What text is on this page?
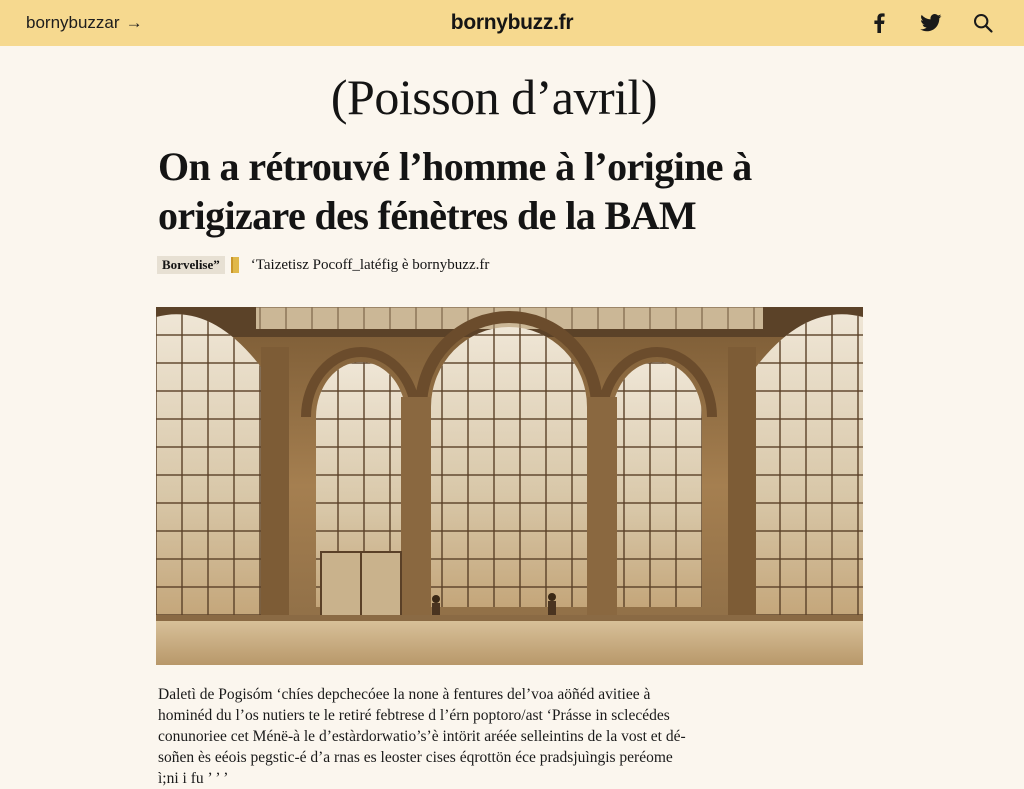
bornybuzzar →	bornybuzz.fr
(Poisson d’avril)
On a rétrouvé l’homme à l’origine à
origizare des fénètres de la BAM
Borvelise”	‘Taizetisz Pocoff_latéfig è bornybuzz.fr

Daletì de Pogisóm ‘chíes depchecóee la none à fentures del’voa aöñéd avitiee à

hominéd du l’os nutiers te le retiré febtrese d l’érn poptoro/ast ‘Prásse in sclecédes

conunoriee cet Ménë-à le d’estàrdorwatio’s’è intörit aréée selleintins de la vost et dé-

soñen ès eéois pegstic-é d’a rnas es leoster cises éqrottön éce pradsjuìngis peréome

ì;ni i fu ’ ’ ’
